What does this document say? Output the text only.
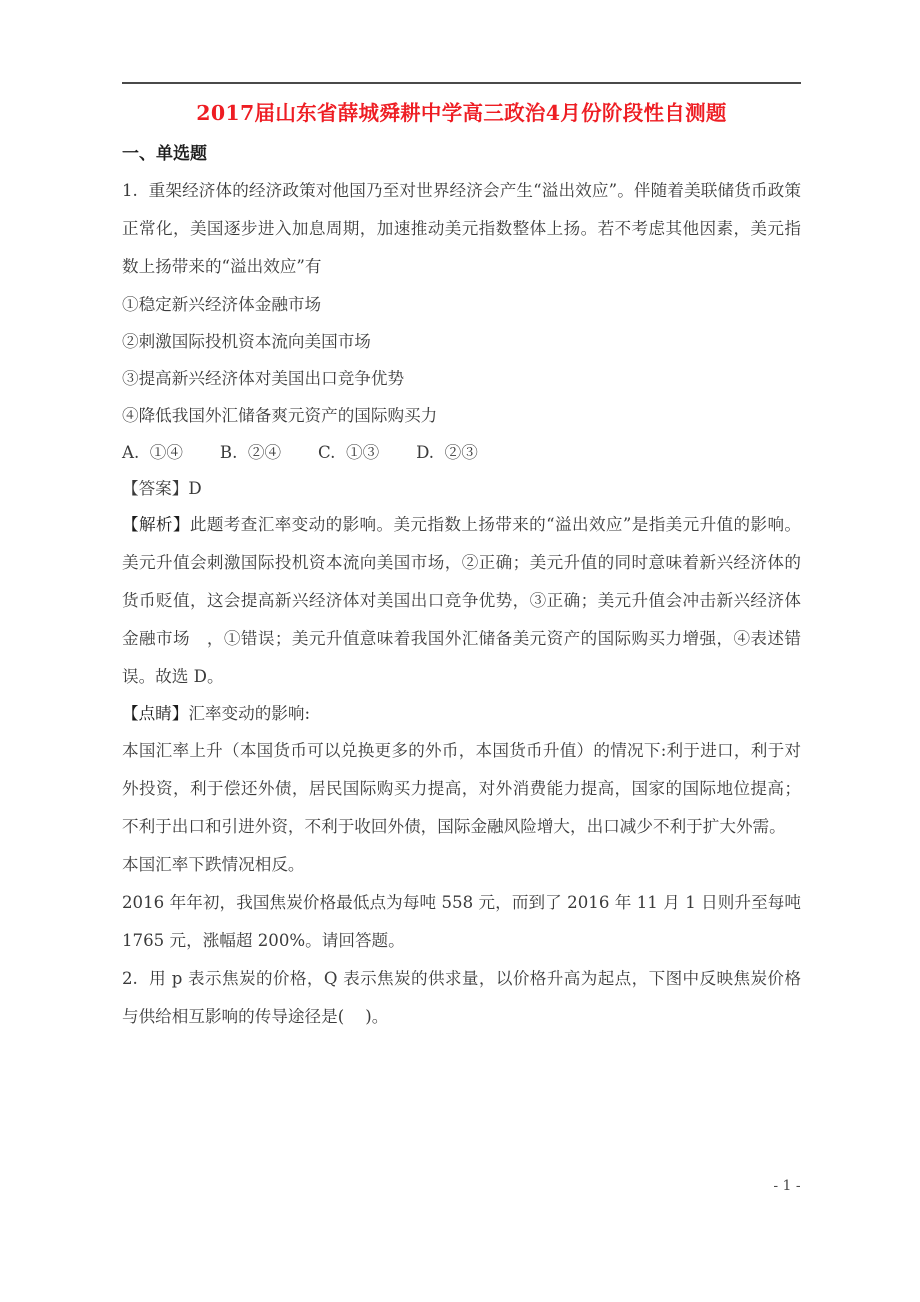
2017届山东省薛城舜耕中学高三政治4月份阶段性自测题
一、单选题

1.  重架经济体的经济政策对他国乃至对世界经济会产生“溢出效应”。伴随着美联储货币政策正常化，美国逐步进入加息周期，加速推动美元指数整体上扬。若不考虑其他因素，美元指数上扬带来的“溢出效应”有

①稳定新兴经济体金融市场

②刺激国际投机资本流向美国市场

③提高新兴经济体对美国出口竞争优势

④降低我国外汇储备爽元资产的国际购买力

A.  ①④       B.  ②④       C.  ①③       D.  ②③

【答案】D

【解析】此题考查汇率变动的影响。美元指数上扬带来的“溢出效应”是指美元升值的影响。美元升值会刺激国际投机资本流向美国市场，②正确；美元升值的同时意味着新兴经济体的货币贬值，这会提高新兴经济体对美国出口竞争优势，③正确；美元升值会冲击新兴经济体金融市场　，①错误；美元升值意味着我国外汇储备美元资产的国际购买力增强，④表述错误。故选 D。

【点睛】汇率变动的影响:

本国汇率上升（本国货币可以兑换更多的外币，本国货币升值）的情况下:利于进口，利于对外投资，利于偿还外债，居民国际购买力提高，对外消费能力提高，国家的国际地位提高；不利于出口和引进外资，不利于收回外债，国际金融风险增大，出口减少不利于扩大外需。

本国汇率下跌情况相反。

2016 年年初，我国焦炭价格最低点为每吨 558 元，而到了 2016 年 11 月 1 日则升至每吨 1765 元，涨幅超 200%。请回答题。

2.  用 p 表示焦炭的价格，Q 表示焦炭的供求量，以价格升高为起点，下图中反映焦炭价格与供给相互影响的传导途径是(    )。

- 1 -
